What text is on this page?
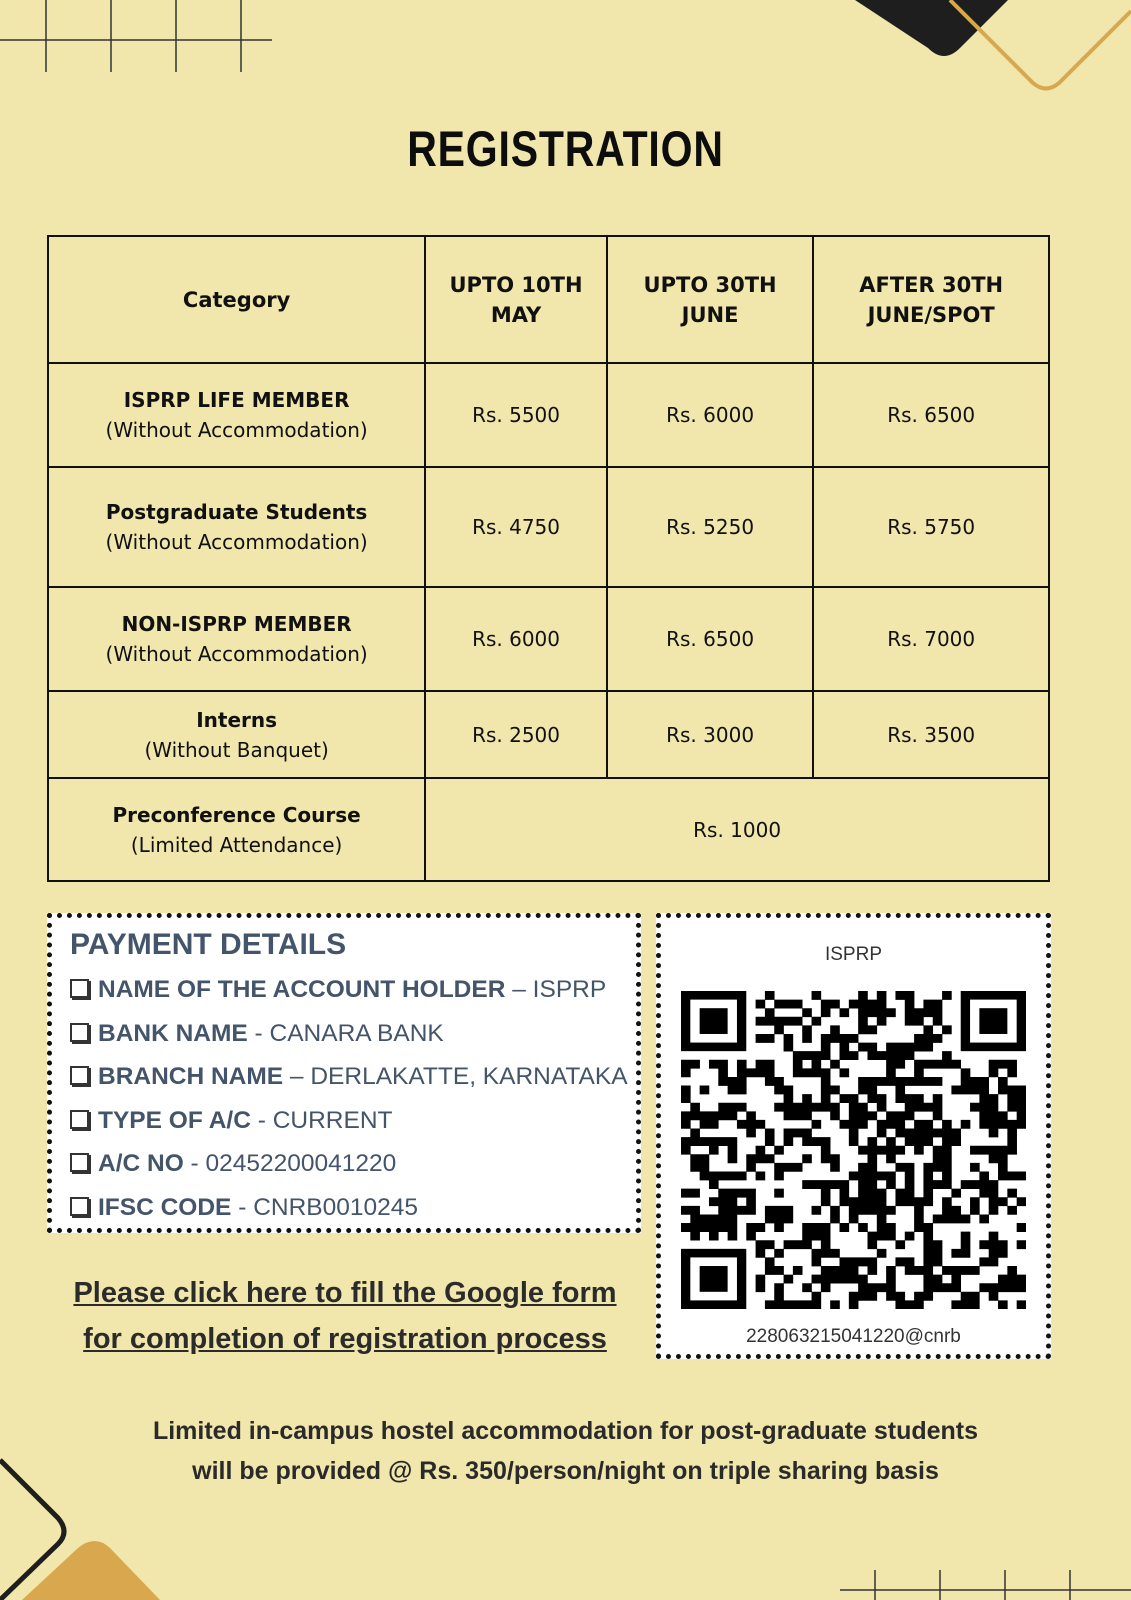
REGISTRATION
Category	UPTO 10TH MAY	UPTO 30TH JUNE	AFTER 30TH JUNE/SPOT

ISPRP LIFE MEMBER
(Without Accommodation)	Rs. 5500	Rs. 6000	Rs. 6500

Postgraduate Students
(Without Accommodation)	Rs. 4750	Rs. 5250	Rs. 5750

NON-ISPRP MEMBER
(Without Accommodation)	Rs. 6000	Rs. 6500	Rs. 7000

Interns
(Without Banquet)	Rs. 2500	Rs. 3000	Rs. 3500

Preconference Course
(Limited Attendance)	Rs. 1000		
PAYMENT DETAILS
NAME OF THE ACCOUNT HOLDER – ISPRP
BANK NAME - CANARA BANK
BRANCH NAME – DERLAKATTE, KARNATAKA
TYPE OF A/C - CURRENT
A/C NO - 02452200041220
IFSC CODE - CNRB0010245
ISPRP
228063215041220@cnrb
Please click here to fill the Google form
for completion of registration process
Limited in-campus hostel accommodation for post-graduate students
will be provided @ Rs. 350/person/night on triple sharing basis
